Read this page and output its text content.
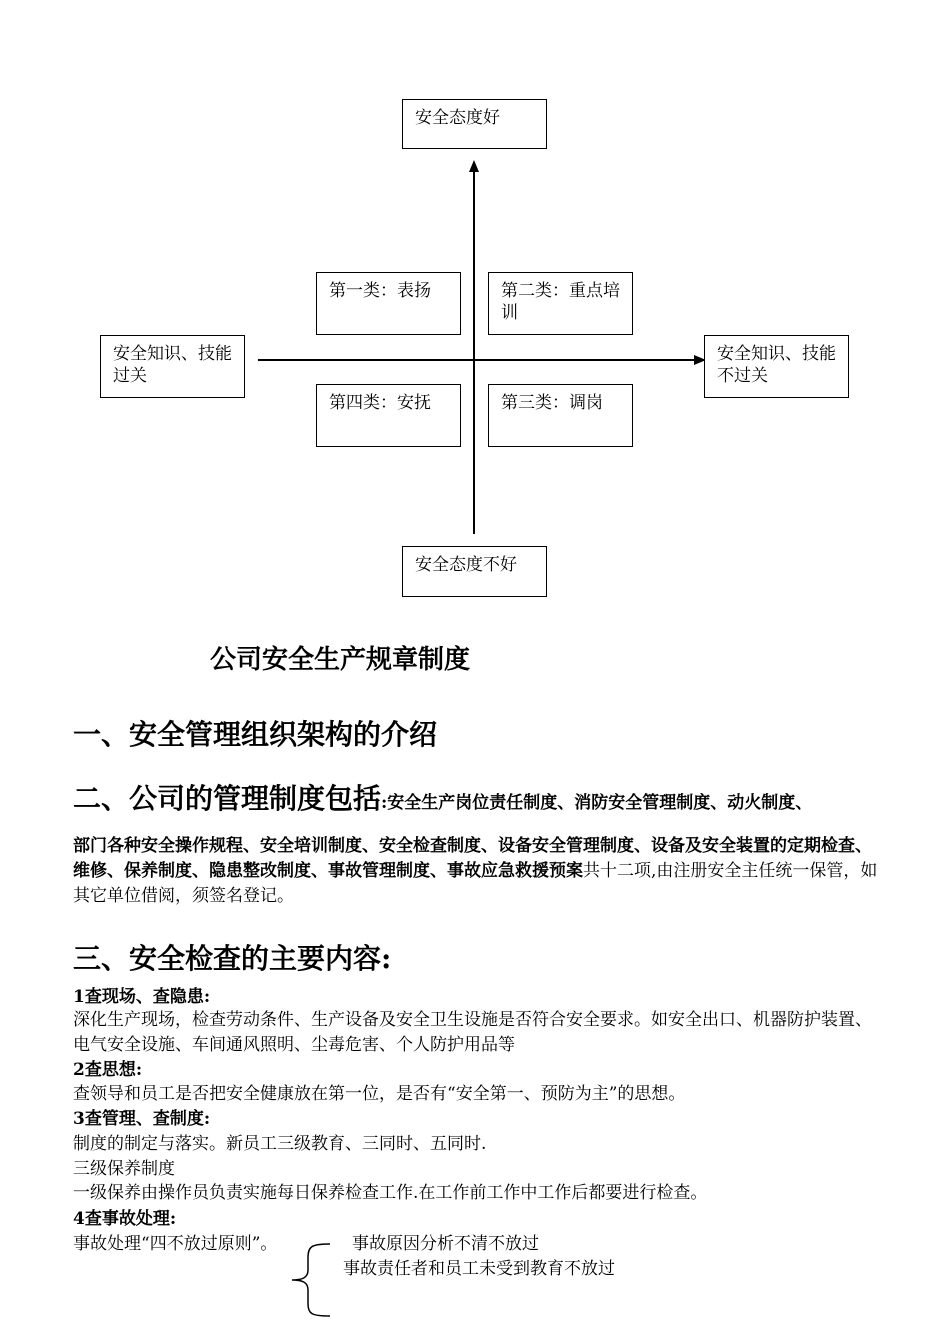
安全态度好
安全态度不好
安全知识、技能过关
安全知识、技能不过关
第一类：表扬	第二类：重点培训
第四类：安抚	第三类：调岗
公司安全生产规章制度
一、安全管理组织架构的介绍
二、公司的管理制度包括:安全生产岗位责任制度、消防安全管理制度、动火制度、
部门各种安全操作规程、安全培训制度、安全检查制度、设备安全管理制度、设备及安全装置的定期检查、维修、保养制度、隐患整改制度、事故管理制度、事故应急救援预案共十二项,由注册安全主任统一保管，如其它单位借阅，须签名登记。
三、安全检查的主要内容:
1查现场、查隐患:
深化生产现场，检查劳动条件、生产设备及安全卫生设施是否符合安全要求。如安全出口、机器防护装置、电气安全设施、车间通风照明、尘毒危害、个人防护用品等
2查思想:
查领导和员工是否把安全健康放在第一位，是否有“安全第一、预防为主”的思想。
3查管理、查制度:
制度的制定与落实。新员工三级教育、三同时、五同时.
三级保养制度
一级保养由操作员负责实施每日保养检查工作.在工作前工作中工作后都要进行检查。
4查事故处理:
事故处理“四不放过原则”。	事故原因分析不清不放过
事故责任者和员工未受到教育不放过
